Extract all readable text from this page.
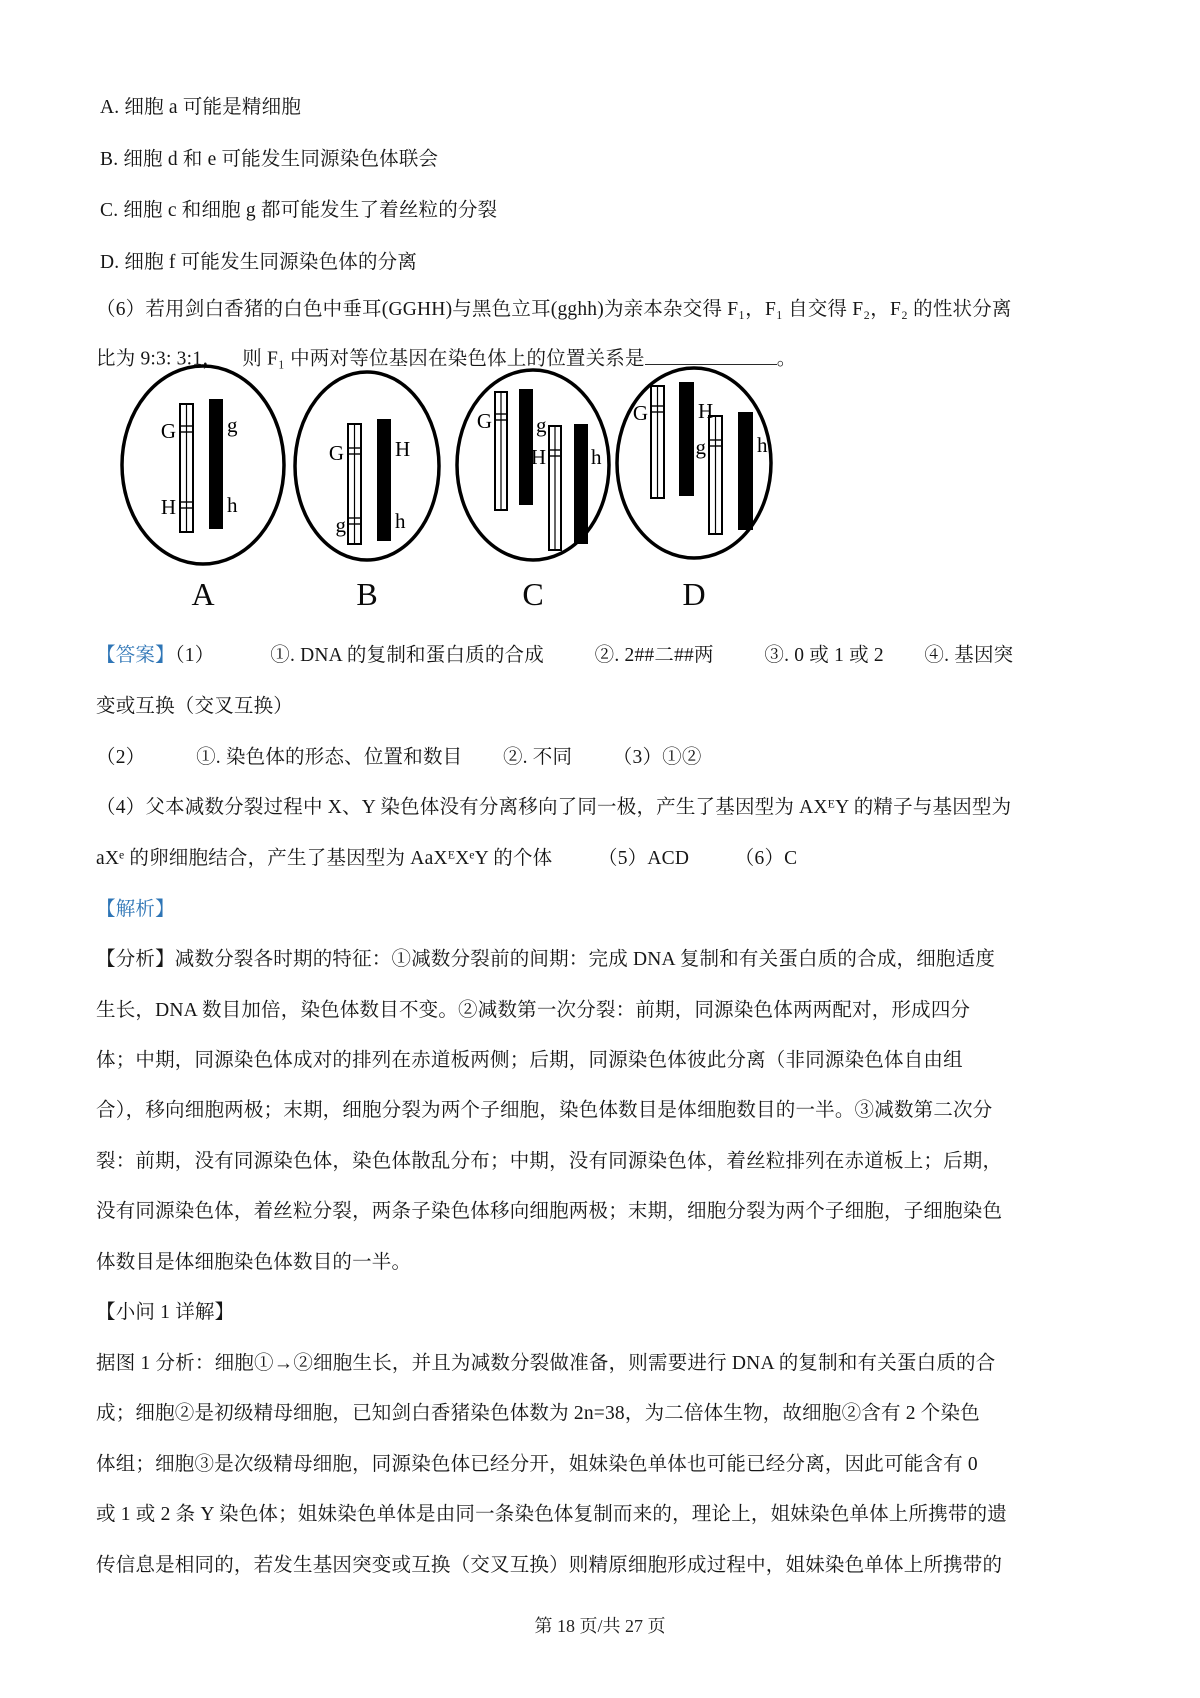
A. 细胞 a 可能是精细胞
B. 细胞 d 和 e 可能发生同源染色体联会
C. 细胞 c 和细胞 g 都可能发生了着丝粒的分裂
D. 细胞 f 可能发生同源染色体的分离
（6）若用剑白香猪的白色中垂耳(GGHH)与黑色立耳(gghh)为亲本杂交得 F₁，F₁ 自交得 F₂，F₂ 的性状分离
比为 9:3: 3:1，    则 F₁ 中两对等位基因在染色体上的位置关系是	。
G
H
g
h
A
G
g
H
h
B
G g
H h
C
G H
g h
D
【答案】（1）           ①. DNA 的复制和蛋白质的合成          ②. 2##二##两          ③. 0 或 1 或 2        ④. 基因突
变或互换（交叉互换）
（2）          ①. 染色体的形态、位置和数目        ②. 不同        （3）①②
（4）父本减数分裂过程中 X、Y 染色体没有分离移向了同一极，产生了基因型为 AXᴱY 的精子与基因型为
aXᵉ 的卵细胞结合，产生了基因型为 AaXᴱXᵉY 的个体         （5）ACD         （6）C
【解析】
【分析】减数分裂各时期的特征：①减数分裂前的间期：完成 DNA 复制和有关蛋白质的合成，细胞适度
生长，DNA 数目加倍，染色体数目不变。②减数第一次分裂：前期，同源染色体两两配对，形成四分
体；中期，同源染色体成对的排列在赤道板两侧；后期，同源染色体彼此分离（非同源染色体自由组
合），移向细胞两极；末期，细胞分裂为两个子细胞，染色体数目是体细胞数目的一半。③减数第二次分
裂：前期，没有同源染色体，染色体散乱分布；中期，没有同源染色体，着丝粒排列在赤道板上；后期，
没有同源染色体，着丝粒分裂，两条子染色体移向细胞两极；末期，细胞分裂为两个子细胞，子细胞染色
体数目是体细胞染色体数目的一半。
【小问 1 详解】
据图 1 分析：细胞①→②细胞生长，并且为减数分裂做准备，则需要进行 DNA 的复制和有关蛋白质的合
成；细胞②是初级精母细胞，已知剑白香猪染色体数为 2n=38，为二倍体生物，故细胞②含有 2 个染色
体组；细胞③是次级精母细胞，同源染色体已经分开，姐妹染色单体也可能已经分离，因此可能含有 0
或 1 或 2 条 Y 染色体；姐妹染色单体是由同一条染色体复制而来的，理论上，姐妹染色单体上所携带的遗
传信息是相同的，若发生基因突变或互换（交叉互换）则精原细胞形成过程中，姐妹染色单体上所携带的
第 18 页/共 27 页
